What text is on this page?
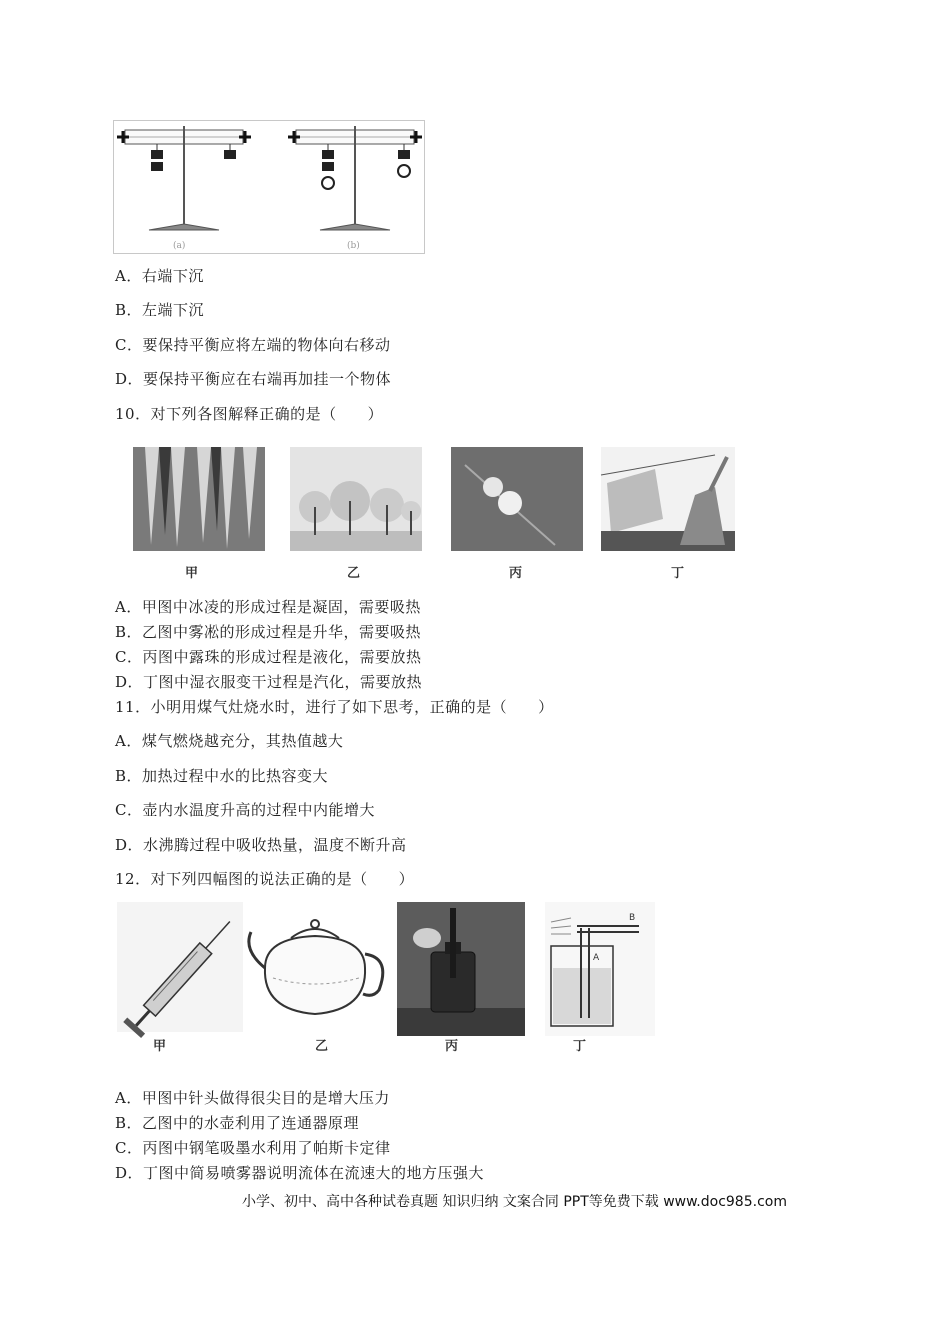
(a)	(b)
A．右端下沉
B．左端下沉
C．要保持平衡应将左端的物体向右移动
D．要保持平衡应在右端再加挂一个物体
10．对下列各图解释正确的是（　　）
甲	乙	丙	丁
A．甲图中冰凌的形成过程是凝固，需要吸热
B．乙图中雾凇的形成过程是升华，需要吸热
C．丙图中露珠的形成过程是液化，需要放热
D．丁图中湿衣服变干过程是汽化，需要放热
11．小明用煤气灶烧水时，进行了如下思考，正确的是（　　）
A．煤气燃烧越充分，其热值越大
B．加热过程中水的比热容变大
C．壶内水温度升高的过程中内能增大
D．水沸腾过程中吸收热量，温度不断升高
12．对下列四幅图的说法正确的是（　　）
A
B
甲	乙	丙	丁
A．甲图中针头做得很尖目的是增大压力
B．乙图中的水壶利用了连通器原理
C．丙图中钢笔吸墨水利用了帕斯卡定律
D．丁图中简易喷雾器说明流体在流速大的地方压强大
小学、初中、高中各种试卷真题 知识归纳 文案合同 PPT等免费下载 www.doc985.com
